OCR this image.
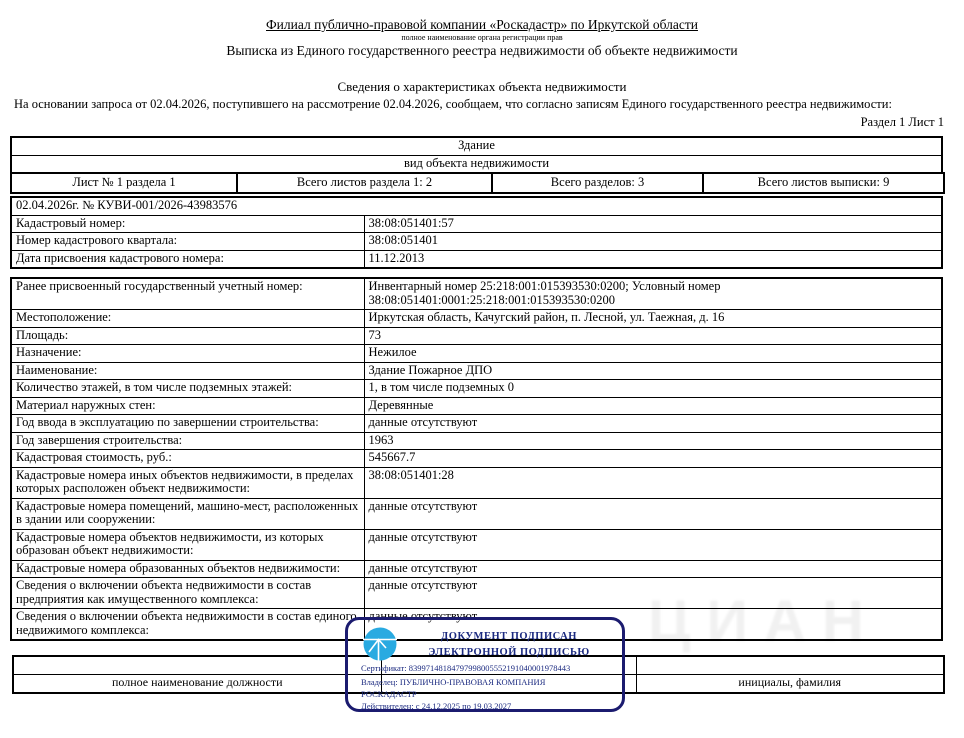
ЦИАН
Филиал публично-правовой компании «Роскадастр» по Иркутской области
полное наименование органа регистрации прав
Выписка из Единого государственного реестра недвижимости об объекте недвижимости
Сведения о характеристиках объекта недвижимости
На основании запроса от 02.04.2026, поступившего на рассмотрение 02.04.2026, сообщаем, что согласно записям Единого государственного реестра недвижимости:
Раздел 1 Лист 1
Здание
вид объекта недвижимости
Лист № 1 раздела 1	Всего листов раздела 1: 2	Всего разделов: 3	Всего листов выписки: 9
02.04.2026г. № КУВИ-001/2026-43983576	
Кадастровый номер:	38:08:051401:57
Номер кадастрового квартала:	38:08:051401
Дата присвоения кадастрового номера:	11.12.2013
Ранее присвоенный государственный учетный номер:	Инвентарный номер 25:218:001:015393530:0200; Условный номер 38:08:051401:0001:25:218:001:015393530:0200
Местоположение:	Иркутская область, Качугский район, п. Лесной, ул. Таежная, д. 16
Площадь:	73
Назначение:	Нежилое
Наименование:	Здание Пожарное ДПО
Количество этажей, в том числе подземных этажей:	1, в том числе подземных 0
Материал наружных стен:	Деревянные
Год ввода в эксплуатацию по завершении строительства:	данные отсутствуют
Год завершения строительства:	1963
Кадастровая стоимость, руб.:	545667.7
Кадастровые номера иных объектов недвижимости, в пределах которых расположен объект недвижимости:	38:08:051401:28
Кадастровые номера помещений, машино-мест, расположенных в здании или сооружении:	данные отсутствуют
Кадастровые номера объектов недвижимости, из которых образован объект недвижимости:	данные отсутствуют
Кадастровые номера образованных объектов недвижимости:	данные отсутствуют
Сведения о включении объекта недвижимости в состав предприятия как имущественного комплекса:	данные отсутствуют
Сведения о включении объекта недвижимости в состав единого недвижимого комплекса:	данные отсутствуют

полное наименование должности		инициалы, фамилия
ДОКУМЕНТ ПОДПИСАН
ЭЛЕКТРОННОЙ ПОДПИСЬЮ
Сертификат: 83997148184797998005552191040001978443
Владелец: ПУБЛИЧНО-ПРАВОВАЯ КОМПАНИЯ
РОСКАДАСТР
Действителен: с 24.12.2025 по 19.03.2027
